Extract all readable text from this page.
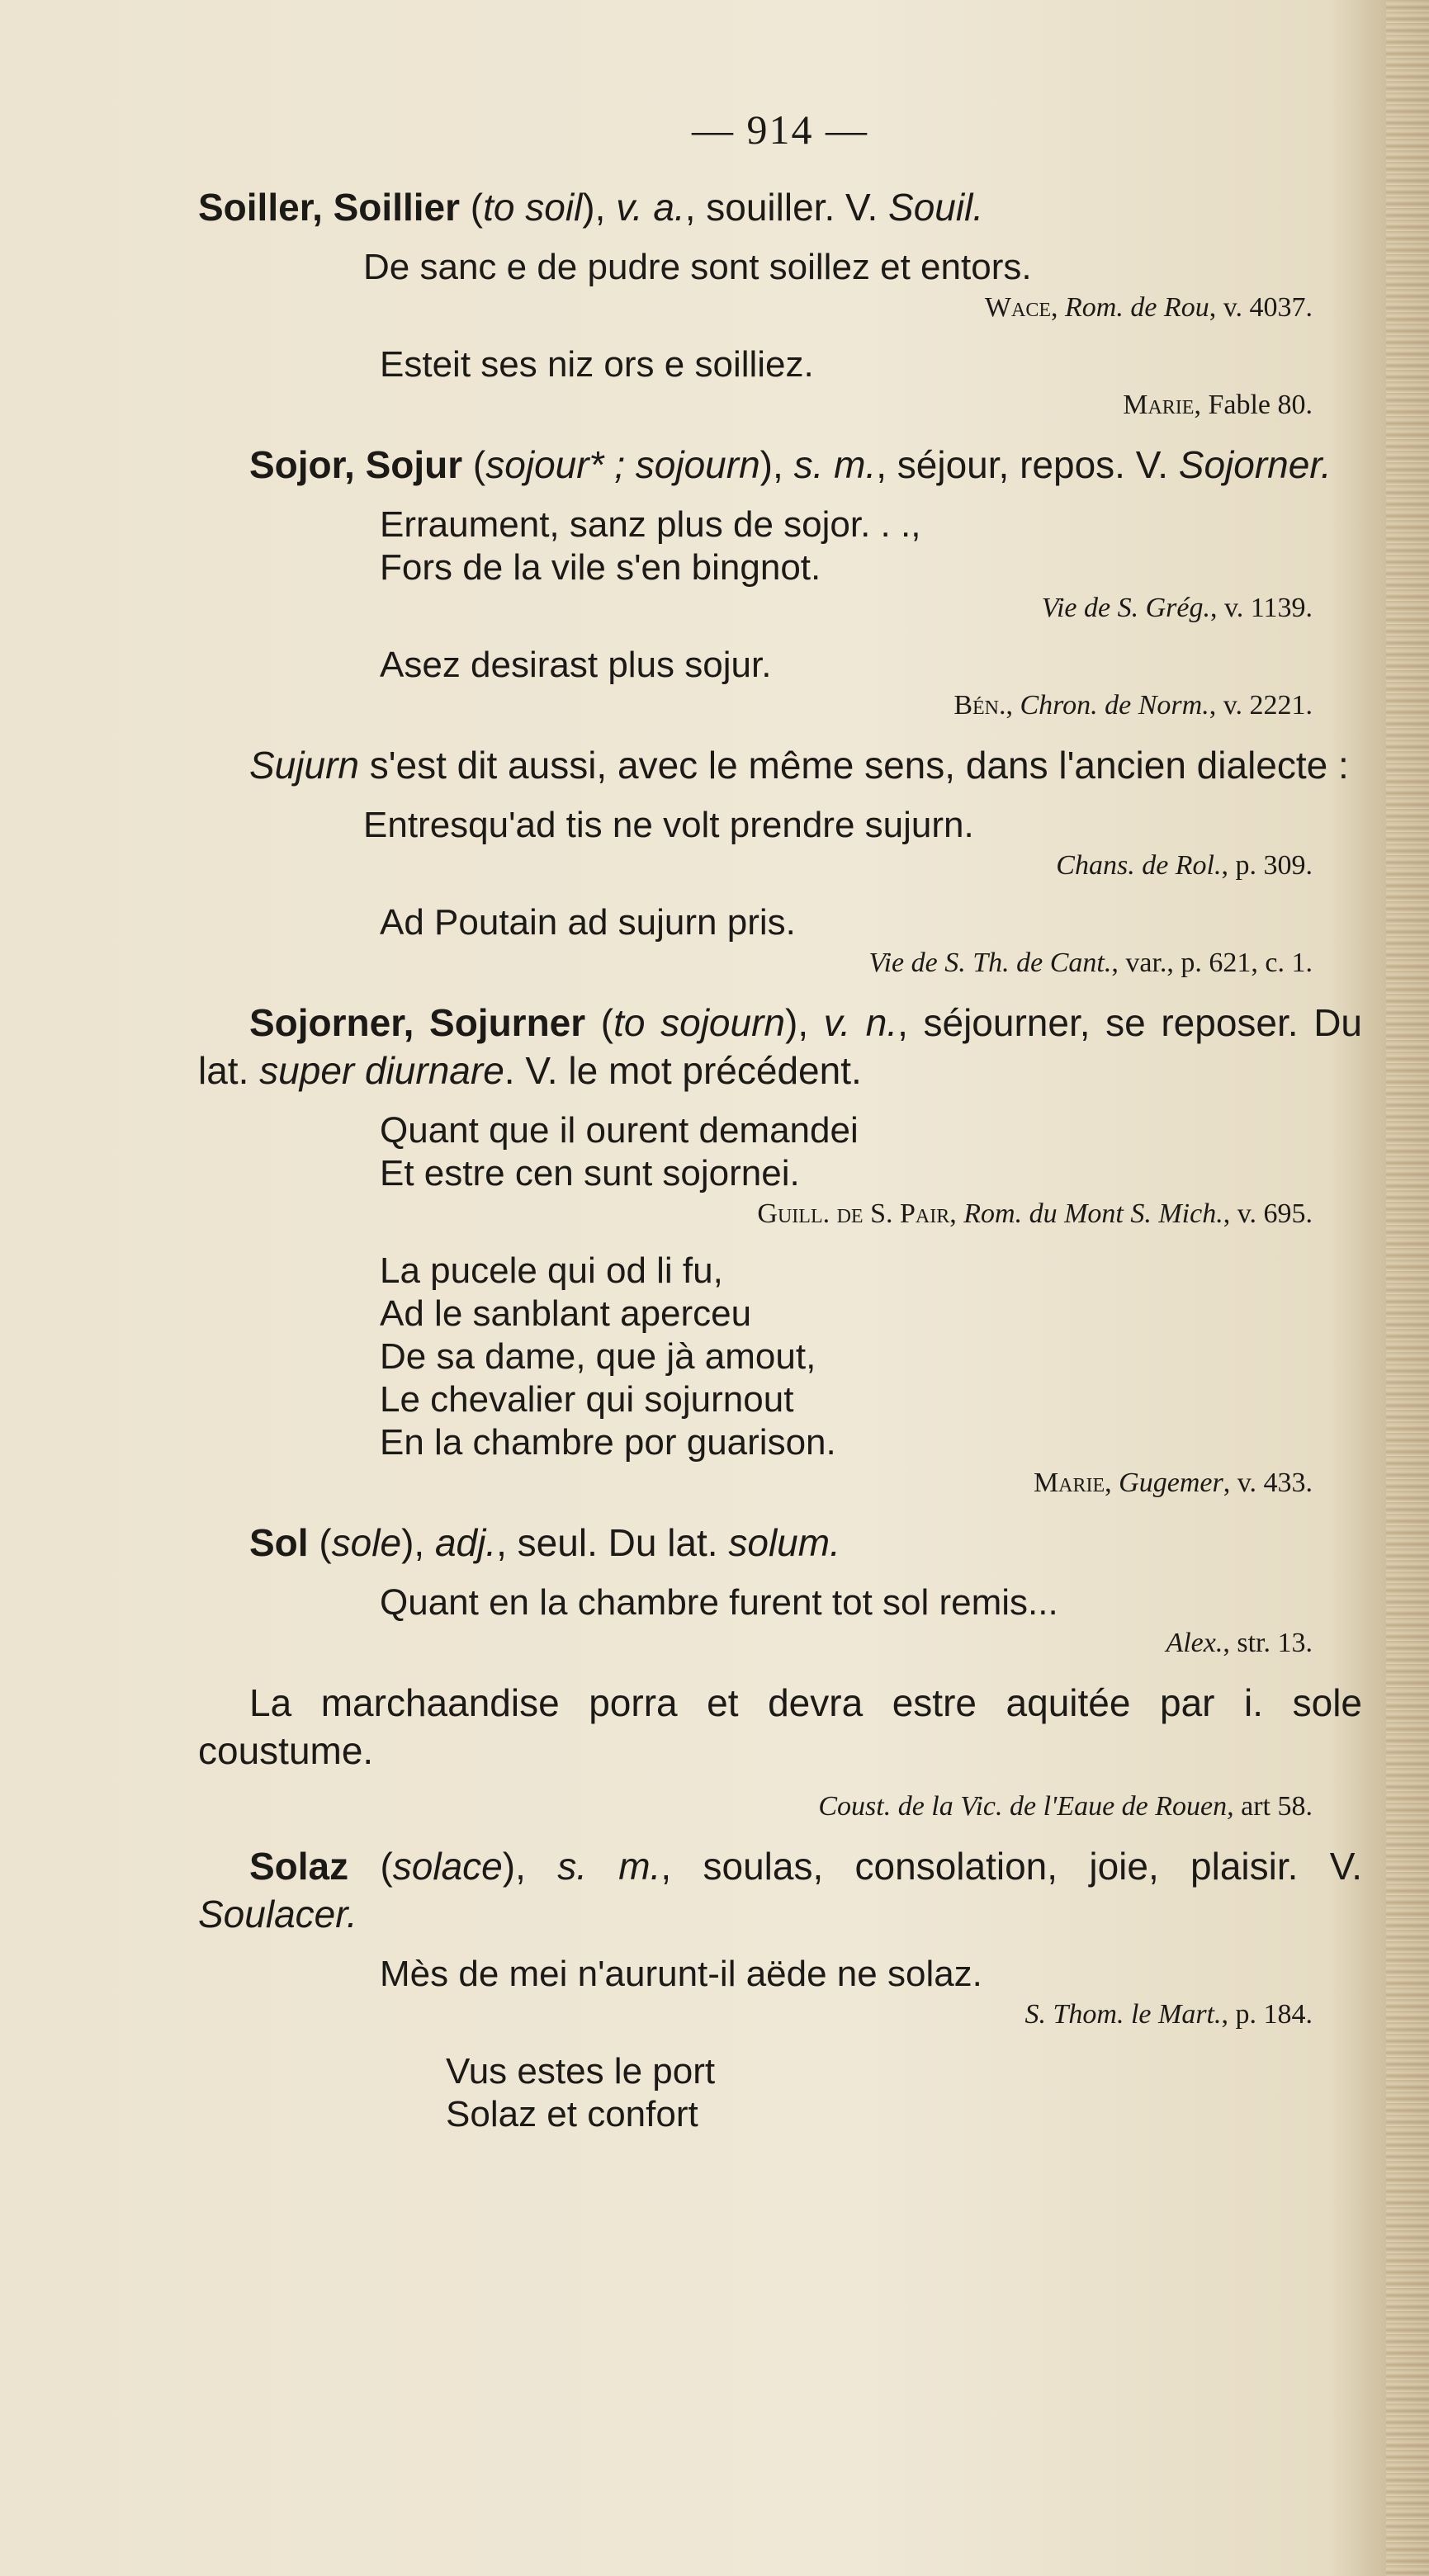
— 914 —
Soiller, Soillier (to soil), v. a., souiller. V. Souil.
De sanc e de pudre sont soillez et entors.
Wace, Rom. de Rou, v. 4037.
Esteit ses niz ors e soilliez.
Marie, Fable 80.
Sojor, Sojur (sojour* ; sojourn), s. m., séjour, repos. V. Sojorner.
Erraument, sanz plus de sojor. . .,
Fors de la vile s'en bingnot.
Vie de S. Grég., v. 1139.
Asez desirast plus sojur.
Bén., Chron. de Norm., v. 2221.
Sujurn s'est dit aussi, avec le même sens, dans l'ancien dialecte :
Entresqu'ad tis ne volt prendre sujurn.
Chans. de Rol., p. 309.
Ad Poutain ad sujurn pris.
Vie de S. Th. de Cant., var., p. 621, c. 1.
Sojorner, Sojurner (to sojourn), v. n., séjourner, se reposer. Du lat. super diurnare. V. le mot précédent.
Quant que il ourent demandei
Et estre cen sunt sojornei.
Guill. de S. Pair, Rom. du Mont S. Mich., v. 695.
La pucele qui od li fu,
Ad le sanblant aperceu
De sa dame, que jà amout,
Le chevalier qui sojurnout
En la chambre por guarison.
Marie, Gugemer, v. 433.
Sol (sole), adj., seul. Du lat. solum.
Quant en la chambre furent tot sol remis...
Alex., str. 13.
La marchaandise porra et devra estre aquitée par i. sole coustume.
Coust. de la Vic. de l'Eaue de Rouen, art 58.
Solaz (solace), s. m., soulas, consolation, joie, plaisir. V. Soulacer.
Mès de mei n'aurunt-il aëde ne solaz.
S. Thom. le Mart., p. 184.
Vus estes le port
Solaz et confort
